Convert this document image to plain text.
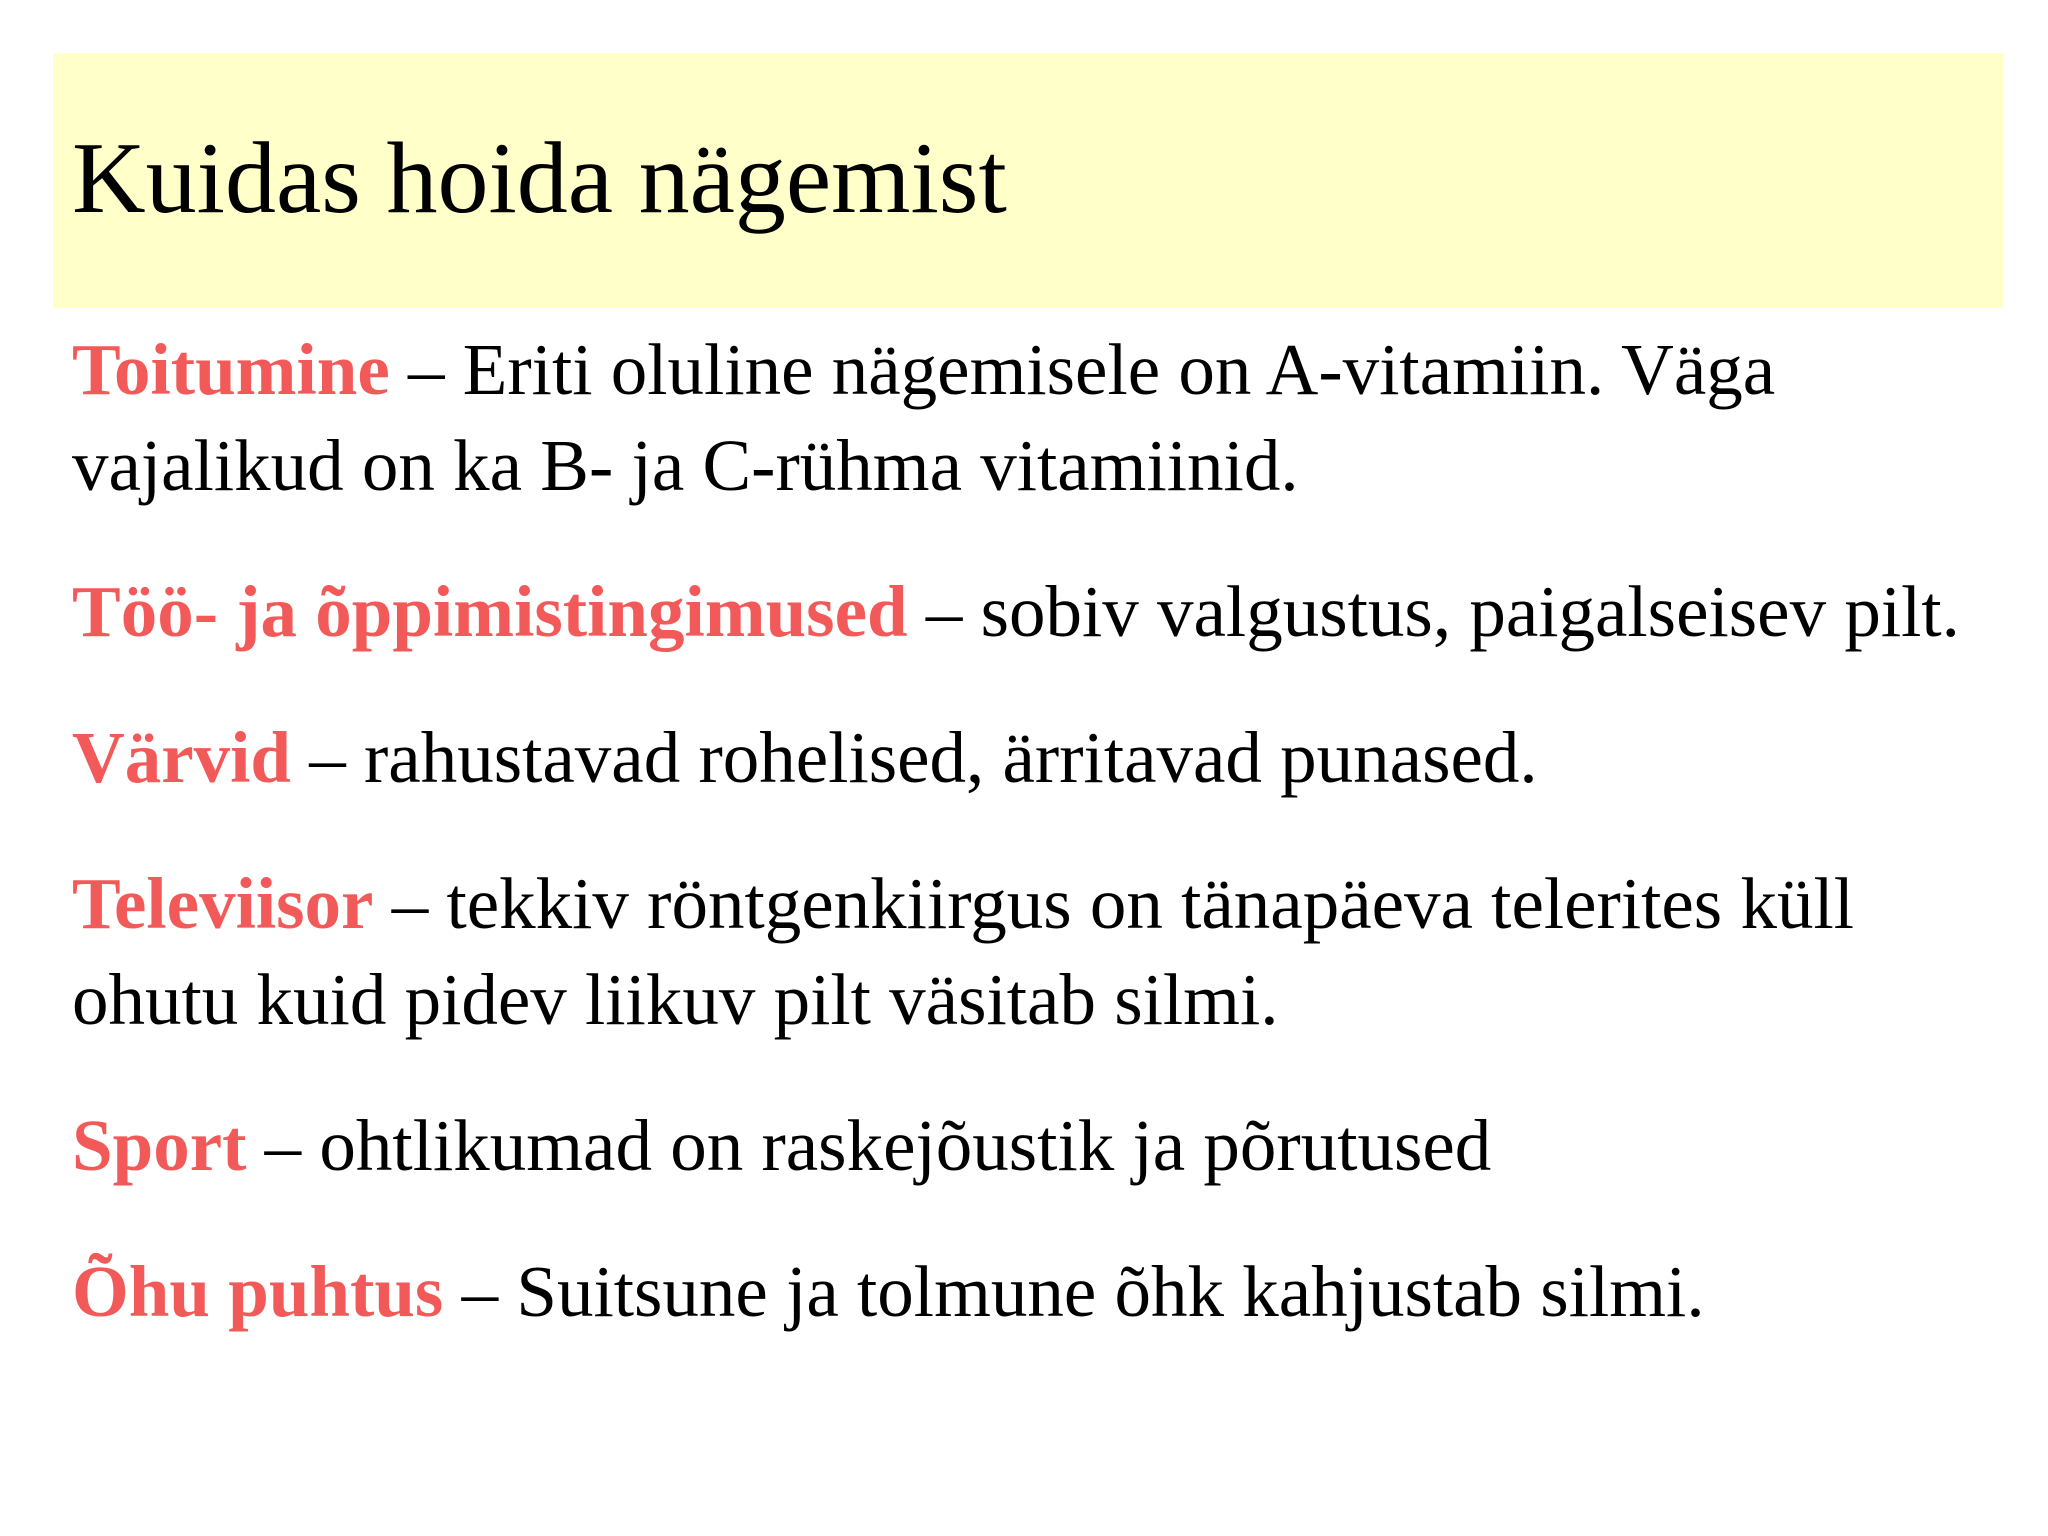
Kuidas hoida nägemist

Toitumine – Eriti oluline nägemisele on A-vitamiin. Väga vajalikud on ka B- ja C-rühma vitamiinid.

Töö- ja õppimistingimused – sobiv valgustus, paigalseisev pilt.

Värvid – rahustavad rohelised, ärritavad punased.

Televiisor – tekkiv röntgenkiirgus on tänapäeva telerites küll ohutu kuid pidev liikuv pilt väsitab silmi.

Sport – ohtlikumad on raskejõustik ja põrutused

Õhu puhtus – Suitsune ja tolmune õhk kahjustab silmi.
